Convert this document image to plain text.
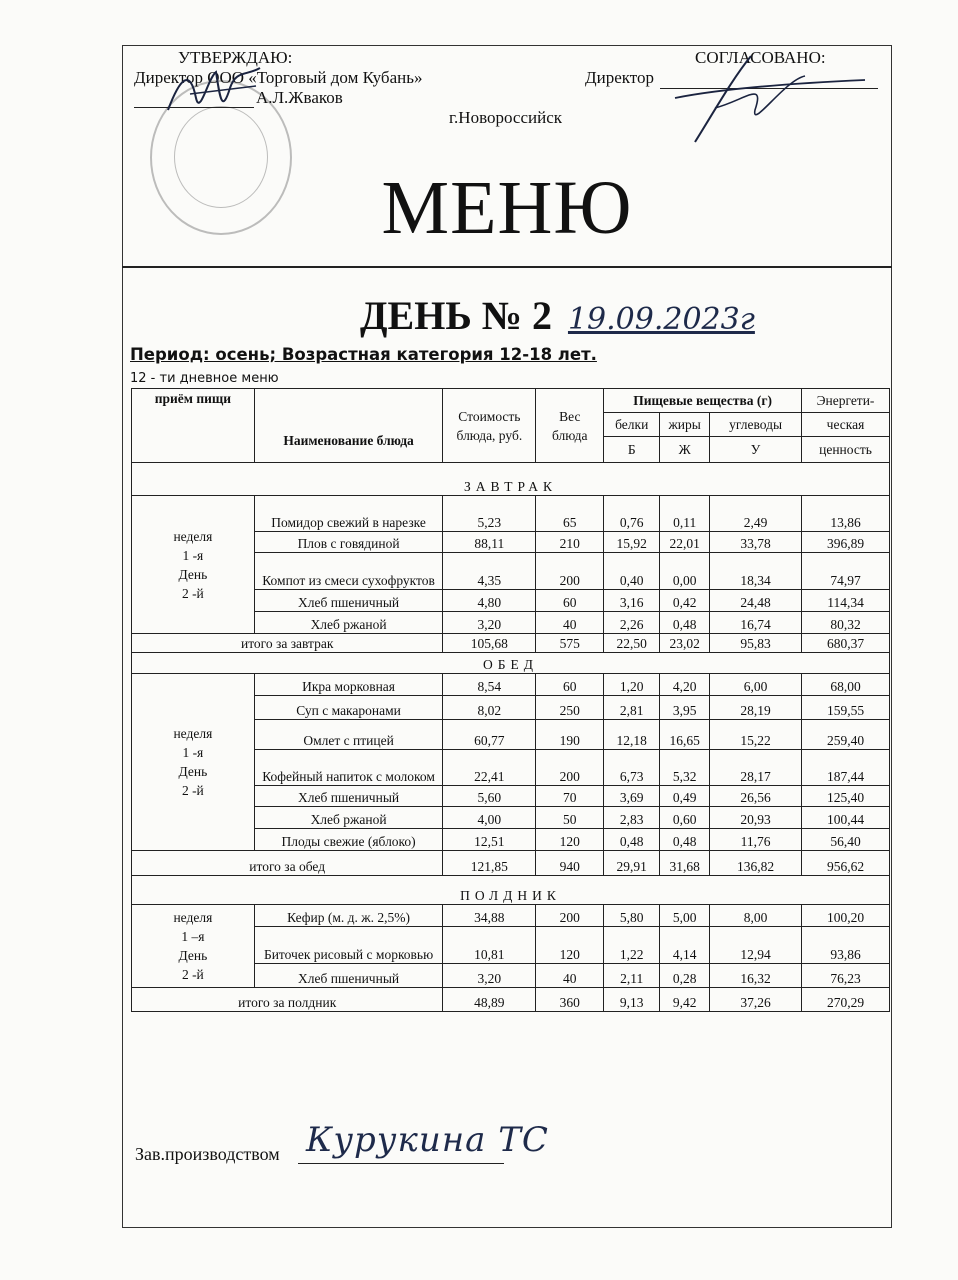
УТВЕРЖДАЮ:
Директор ООО «Торговый дом Кубань»
А.Л.Жваков
СОГЛАСОВАНО:
Директор
г.Новороссийск
МЕНЮ
ДЕНЬ № 2 19.09.2023г
Период: осень; Возрастная категория 12-18 лет.
12 - ти дневное меню
приём пищи	Наименование блюда	Стоимость блюда, руб.	Вес блюда	Пищевые вещества (г)			Энергети-
				белки	жиры	углеводы	ческая
				Б	Ж	У	ценность
ЗАВТРАК							

неделя
1 -я
День
2 -й	Помидор свежий в нарезке	5,23	65	0,76	0,11	2,49	13,86
	Плов с говядиной	88,11	210	15,92	22,01	33,78	396,89
	Компот из смеси сухофруктов	4,35	200	0,40	0,00	18,34	74,97
	Хлеб пшеничный	4,80	60	3,16	0,42	24,48	114,34
	Хлеб ржаной	3,20	40	2,26	0,48	16,74	80,32
итого за завтрак		105,68	575	22,50	23,02	95,83	680,37
ОБЕД							

неделя
1 -я
День
2 -й	Икра морковная	8,54	60	1,20	4,20	6,00	68,00
	Суп с макаронами	8,02	250	2,81	3,95	28,19	159,55
	Омлет с птицей	60,77	190	12,18	16,65	15,22	259,40
	Кофейный напиток с молоком	22,41	200	6,73	5,32	28,17	187,44
	Хлеб пшеничный	5,60	70	3,69	0,49	26,56	125,40
	Хлеб ржаной	4,00	50	2,83	0,60	20,93	100,44
	Плоды свежие (яблоко)	12,51	120	0,48	0,48	11,76	56,40
итого за обед		121,85	940	29,91	31,68	136,82	956,62
ПОЛДНИК							

неделя
1 –я
День
2 -й	Кефир (м. д. ж. 2,5%)	34,88	200	5,80	5,00	8,00	100,20
	Биточек рисовый с морковью	10,81	120	1,22	4,14	12,94	93,86
	Хлеб пшеничный	3,20	40	2,11	0,28	16,32	76,23
итого за полдник		48,89	360	9,13	9,42	37,26	270,29
Зав.производством Курукина ТС
